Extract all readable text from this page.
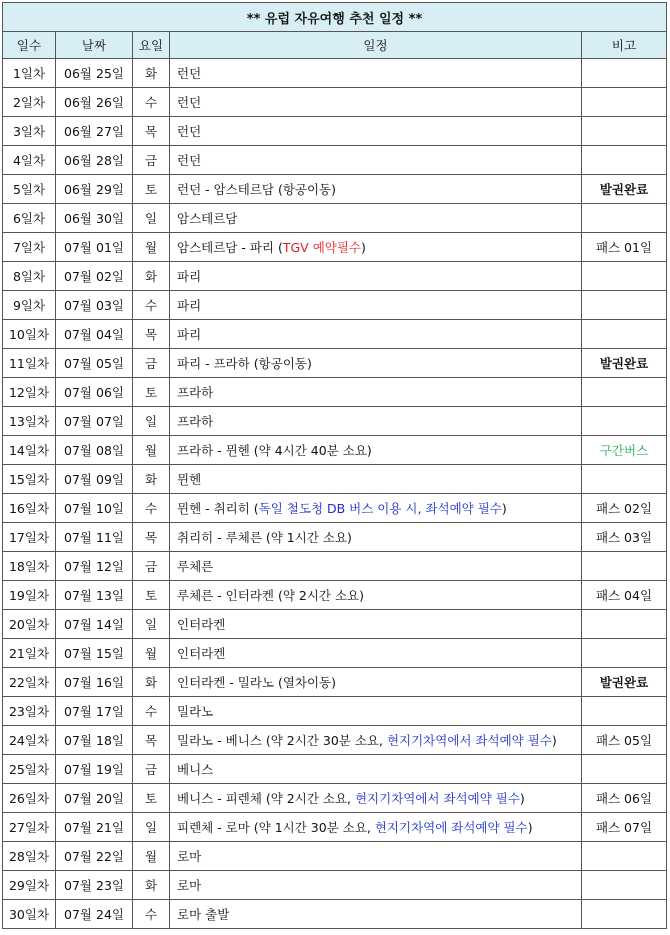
** 유럽 자유여행 추천 일정 **				
일수	날짜	요일	일정	비고
1일차	06월 25일	화	런던	
2일차	06월 26일	수	런던	
3일차	06월 27일	목	런던	
4일차	06월 28일	금	런던	
5일차	06월 29일	토	런던 - 암스테르담 (항공이동)	발권완료
6일차	06월 30일	일	암스테르담	
7일차	07월 01일	월	암스테르담 - 파리 (TGV 예약필수)	패스 01일
8일차	07월 02일	화	파리	
9일차	07월 03일	수	파리	
10일차	07월 04일	목	파리	
11일차	07월 05일	금	파리 - 프라하 (항공이동)	발권완료
12일차	07월 06일	토	프라하	
13일차	07월 07일	일	프라하	
14일차	07월 08일	월	프라하 - 뮌헨 (약 4시간 40분 소요)	구간버스
15일차	07월 09일	화	뮌헨	
16일차	07월 10일	수	뮌헨 - 취리히 (독일 철도청 DB 버스 이용 시, 좌석예약 필수)	패스 02일
17일차	07월 11일	목	취리히 - 루체른 (약 1시간 소요)	패스 03일
18일차	07월 12일	금	루체른	
19일차	07월 13일	토	루체른 - 인터라켄 (약 2시간 소요)	패스 04일
20일차	07월 14일	일	인터라켄	
21일차	07월 15일	월	인터라켄	
22일차	07월 16일	화	인터라켄 - 밀라노 (열차이동)	발권완료
23일차	07월 17일	수	밀라노	
24일차	07월 18일	목	밀라노 - 베니스 (약 2시간 30분 소요, 현지기차역에서 좌석예약 필수)	패스 05일
25일차	07월 19일	금	베니스	
26일차	07월 20일	토	베니스 - 피렌체 (약 2시간 소요, 현지기차역에서 좌석예약 필수)	패스 06일
27일차	07월 21일	일	피렌체 - 로마 (약 1시간 30분 소요, 현지기차역에 좌석예약 필수)	패스 07일
28일차	07월 22일	월	로마	
29일차	07월 23일	화	로마	
30일차	07월 24일	수	로마 출발	
